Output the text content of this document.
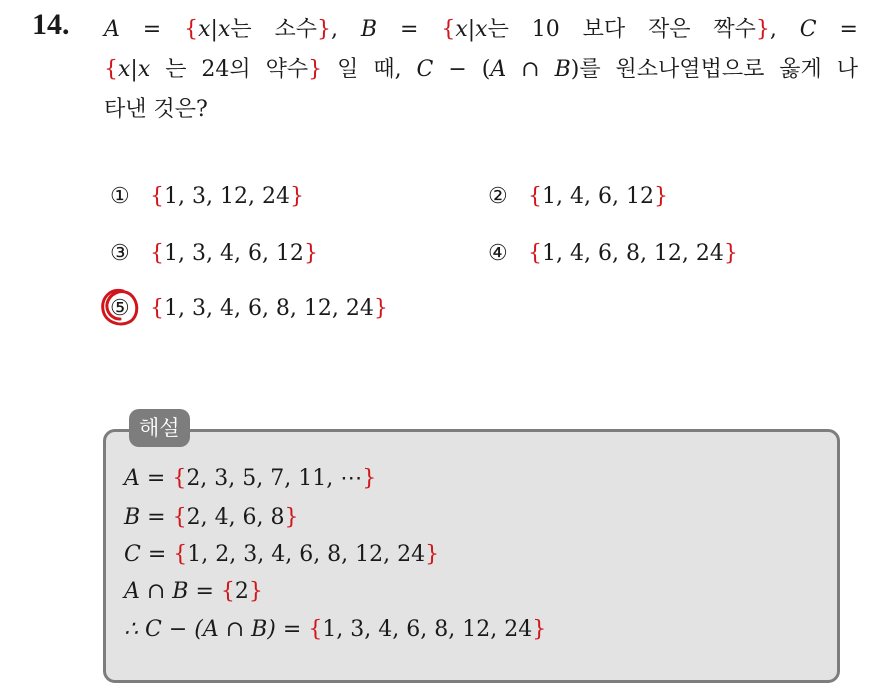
14. A = {x|x는 소수}, B = {x|x는 10 보다 작은 짝수}, C =
{x|x 는 24의 약수} 일 때, C − (A ∩ B)를 원소나열법으로 옳게 나
타낸 것은?
① {1, 3, 12, 24}	② {1, 4, 6, 12}
③ {1, 3, 4, 6, 12}	④ {1, 4, 6, 8, 12, 24}
⑤ {1, 3, 4, 6, 8, 12, 24}
해설
A = {2, 3, 5, 7, 11, ⋯}
B = {2, 4, 6, 8}
C = {1, 2, 3, 4, 6, 8, 12, 24}
A ∩ B = {2}
∴ C − (A ∩ B) = {1, 3, 4, 6, 8, 12, 24}
